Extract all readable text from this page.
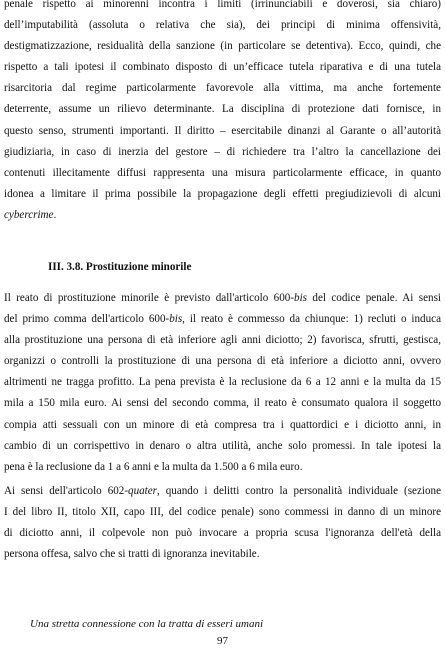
penale rispetto ai minorenni incontra i limiti (irrinunciabili e doverosi, sia chiaro)
dell’imputabilità (assoluta o relativa che sia), dei principi di minima offensività,
destigmatizzazione, residualità della sanzione (in particolare se detentiva). Ecco, quindi, che
rispetto a tali ipotesi il combinato disposto di un’efficace tutela riparativa e di una tutela
risarcitoria dal regime particolarmente favorevole alla vittima, ma anche fortemente
deterrente, assume un rilievo determinante. La disciplina di protezione dati fornisce, in
questo senso, strumenti importanti. Il diritto – esercitabile dinanzi al Garante o all’autorità
giudiziaria, in caso di inerzia del gestore – di richiedere tra l’altro la cancellazione dei
contenuti illecitamente diffusi rappresenta una misura particolarmente efficace, in quanto
idonea a limitare il prima possibile la propagazione degli effetti pregiudizievoli di alcuni
cybercrime.

III. 3.8. Prostituzione minorile

Il reato di prostituzione minorile è previsto dall'articolo 600-bis del codice penale. Ai sensi
del primo comma dell'articolo 600-bis, il reato è commesso da chiunque: 1) recluti o induca
alla prostituzione una persona di età inferiore agli anni diciotto; 2) favorisca, sfrutti, gestisca,
organizzi o controlli la prostituzione di una persona di età inferiore a diciotto anni, ovvero
altrimenti ne tragga profitto. La pena prevista è la reclusione da 6 a 12 anni e la multa da 15
mila a 150 mila euro. Ai sensi del secondo comma, il reato è consumato qualora il soggetto
compia atti sessuali con un minore di età compresa tra i quattordici e i diciotto anni, in
cambio di un corrispettivo in denaro o altra utilità, anche solo promessi. In tale ipotesi la
pena è la reclusione da 1 a 6 anni e la multa da 1.500 a 6 mila euro.
Ai sensi dell'articolo 602-quater, quando i delitti contro la personalità individuale (sezione
I del libro II, titolo XII, capo III, del codice penale) sono commessi in danno di un minore
di diciotto anni, il colpevole non può invocare a propria scusa l'ignoranza dell'età della
persona offesa, salvo che si tratti di ignoranza inevitabile.

Una stretta connessione con la tratta di esseri umani

97
